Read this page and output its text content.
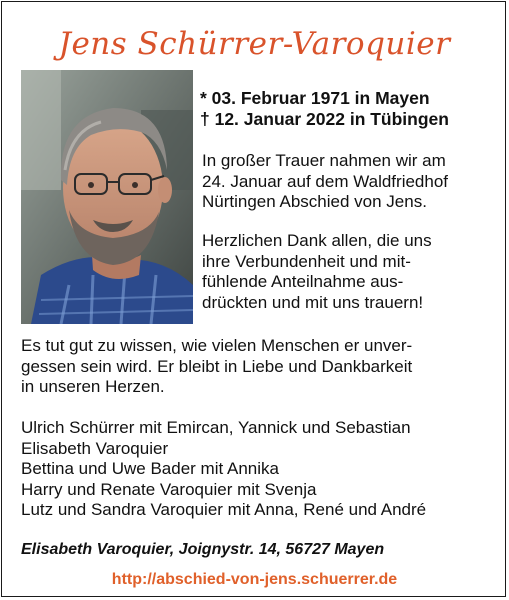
Jens Schürrer-Varoquier
* 03. Februar 1971 in Mayen
† 12. Januar 2022 in Tübingen
In großer Trauer nahmen wir am
24. Januar auf dem Waldfriedhof
Nürtingen Abschied von Jens.
Herzlichen Dank allen, die uns
ihre Verbundenheit und mit-
fühlende Anteilnahme aus-
drückten und mit uns trauern!
Es tut gut zu wissen, wie vielen Menschen er unver-
gessen sein wird. Er bleibt in Liebe und Dankbarkeit
in unseren Herzen.
Ulrich Schürrer mit Emircan, Yannick und Sebastian
Elisabeth Varoquier
Bettina und Uwe Bader mit Annika
Harry und Renate Varoquier mit Svenja
Lutz und Sandra Varoquier mit Anna, René und André
Elisabeth Varoquier, Joignystr. 14, 56727 Mayen
http://abschied-von-jens.schuerrer.de
